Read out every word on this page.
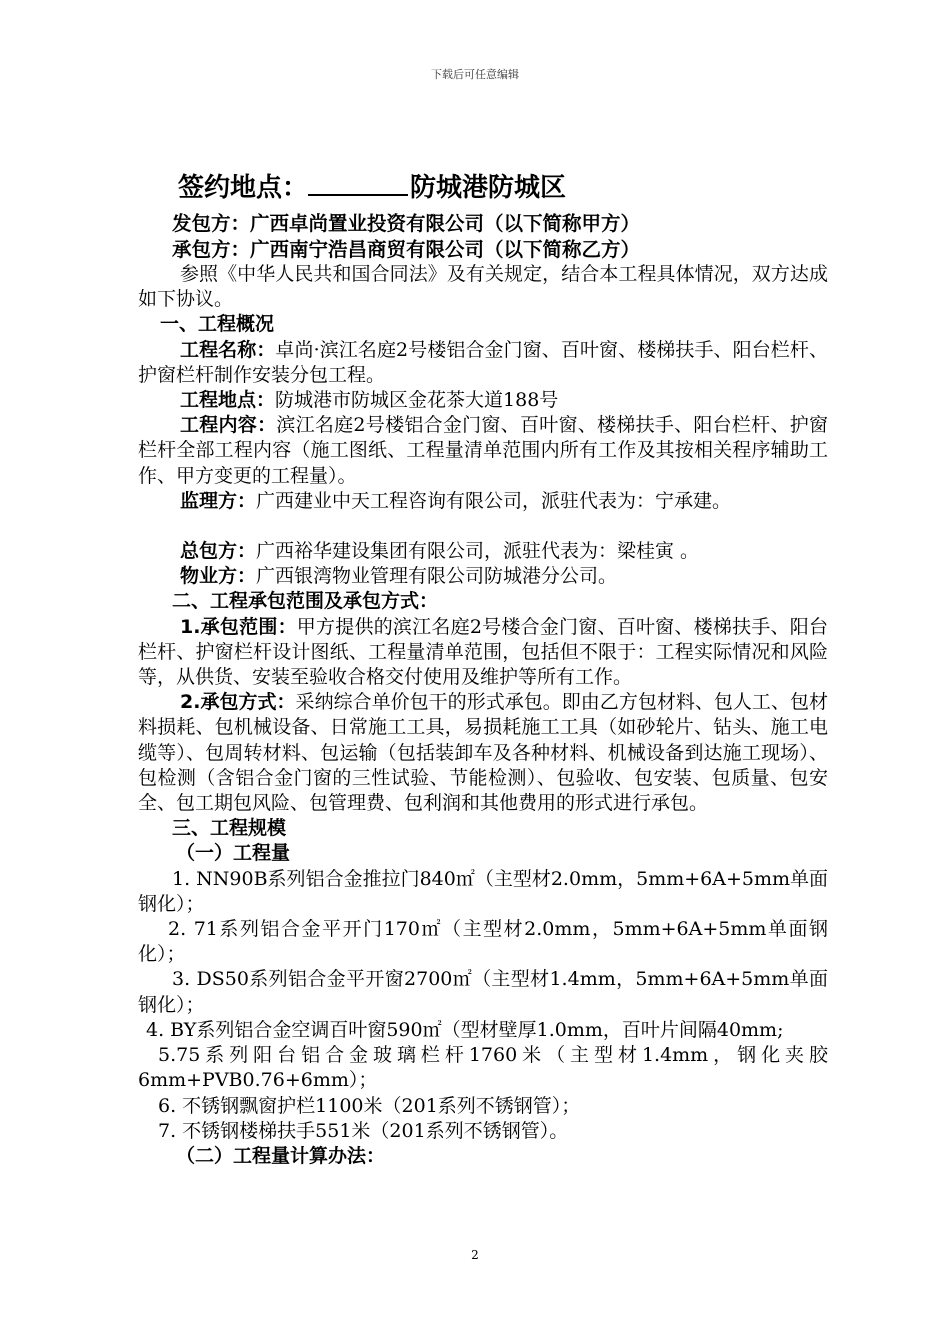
下载后可任意编辑
签约地点：	防城港防城区
发包方：广西卓尚置业投资有限公司（以下简称甲方）
承包方：广西南宁浩昌商贸有限公司（以下简称乙方）

参照《中华人民共和国合同法》及有关规定，结合本工程具体情况，双方达成如下协议。

一、工程概况

工程名称：卓尚·滨江名庭2号楼铝合金门窗、百叶窗、楼梯扶手、阳台栏杆、护窗栏杆制作安装分包工程。

工程地点：防城港市防城区金花茶大道188号

工程内容：滨江名庭2号楼铝合金门窗、百叶窗、楼梯扶手、阳台栏杆、护窗栏杆全部工程内容（施工图纸、工程量清单范围内所有工作及其按相关程序辅助工作、甲方变更的工程量）。

监理方：广西建业中天工程咨询有限公司，派驻代表为：宁承建。

总包方：广西裕华建设集团有限公司，派驻代表为：梁桂寅 。

物业方：广西银湾物业管理有限公司防城港分公司。

二、工程承包范围及承包方式：

1.承包范围：甲方提供的滨江名庭2号楼合金门窗、百叶窗、楼梯扶手、阳台栏杆、护窗栏杆设计图纸、工程量清单范围，包括但不限于：工程实际情况和风险等，从供货、安装至验收合格交付使用及维护等所有工作。

2.承包方式：采纳综合单价包干的形式承包。即由乙方包材料、包人工、包材料损耗、包机械设备、日常施工工具，易损耗施工工具（如砂轮片、钻头、施工电缆等）、包周转材料、包运输（包括装卸车及各种材料、机械设备到达施工现场）、包检测（含铝合金门窗的三性试验、节能检测）、包验收、包安装、包质量、包安全、包工期包风险、包管理费、包利润和其他费用的形式进行承包。

三、工程规模
（一）工程量

1. NN90B系列铝合金推拉门840㎡（主型材2.0mm，5mm+6A+5mm单面钢化）；

2. 71系列铝合金平开门170㎡（主型材2.0mm，5mm+6A+5mm单面钢化）；

3. DS50系列铝合金平开窗2700㎡（主型材1.4mm，5mm+6A+5mm单面钢化）；

4. BY系列铝合金空调百叶窗590㎡（型材壁厚1.0mm，百叶片间隔40mm;

5.75系列阳台铝合金玻璃栏杆1760米（主型材1.4mm，钢化夹胶6mm+PVB0.76+6mm）；

6. 不锈钢飘窗护栏1100米（201系列不锈钢管）；

7. 不锈钢楼梯扶手551米（201系列不锈钢管）。

（二）工程量计算办法：
2
